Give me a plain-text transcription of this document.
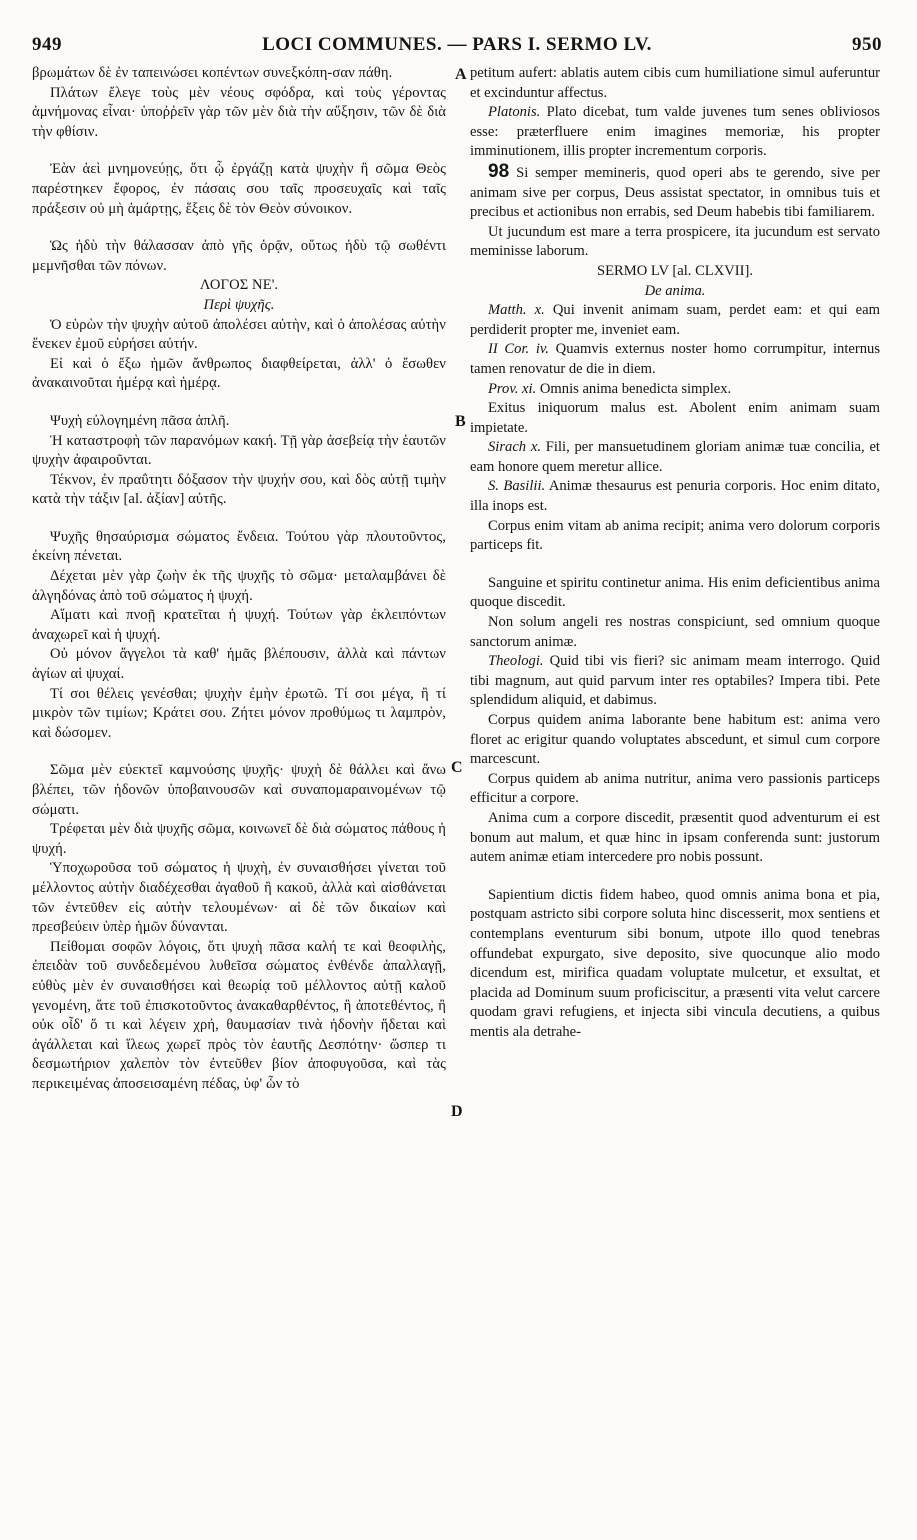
949	LOCI COMMUNES. — PARS I. SERMO LV.	950

βρωμάτων δὲ ἐν ταπεινώσει κοπέντων συνεξκόπη-σαν πάθη.

Πλάτων ἔλεγε τοὺς μὲν νέους σφόδρα, καὶ τοὺς γέροντας ἀμνήμονας εἶναι· ὑποῤῥεῖν γὰρ τῶν μὲν διὰ τὴν αὔξησιν, τῶν δὲ διὰ τὴν φθίσιν.

Ἐὰν ἀεὶ μνημονεύῃς, ὅτι ᾧ ἐργάζῃ κατὰ ψυχὴν ἢ σῶμα Θεὸς παρέστηκεν ἔφορος, ἐν πάσαις σου ταῖς προσευχαῖς καὶ ταῖς πράξεσιν οὐ μὴ ἁμάρτῃς, ἕξεις δὲ τὸν Θεὸν σύνοικον.

Ὡς ἡδὺ τὴν θάλασσαν ἀπὸ γῆς ὁρᾷν, οὕτως ἡδὺ τῷ σωθέντι μεμνῆσθαι τῶν πόνων.

ΛΟΓΟΣ ΝΕ'.

Περὶ ψυχῆς.

Ὁ εὑρὼν τὴν ψυχὴν αὐτοῦ ἀπολέσει αὐτὴν, καὶ ὁ ἀπολέσας αὐτὴν ἕνεκεν ἐμοῦ εὑρήσει αὐτήν.

Εἰ καὶ ὁ ἔξω ἡμῶν ἄνθρωπος διαφθείρεται, ἀλλ' ὁ ἔσωθεν ἀνακαινοῦται ἡμέρᾳ καὶ ἡμέρᾳ.

Ψυχὴ εὐλογημένη πᾶσα ἁπλῆ.

Ἡ καταστροφὴ τῶν παρανόμων κακή. Τῇ γὰρ ἀσεβείᾳ τὴν ἑαυτῶν ψυχὴν ἀφαιροῦνται.

Τέκνον, ἐν πραΰτητι δόξασον τὴν ψυχήν σου, καὶ δὸς αὐτῇ τιμὴν κατὰ τὴν τάξιν [al. ἀξίαν] αὐτῆς.

Ψυχῆς θησαύρισμα σώματος ἔνδεια. Τούτου γὰρ πλουτοῦντος, ἐκείνη πένεται.

Δέχεται μὲν γὰρ ζωὴν ἐκ τῆς ψυχῆς τὸ σῶμα· μεταλαμβάνει δὲ ἀλγηδόνας ἀπὸ τοῦ σώματος ἡ ψυχή.

Αἵματι καὶ πνοῇ κρατεῖται ἡ ψυχή. Τούτων γὰρ ἐκλειπόντων ἀναχωρεῖ καὶ ἡ ψυχή.

Οὐ μόνον ἄγγελοι τὰ καθ' ἡμᾶς βλέπουσιν, ἀλλὰ καὶ πάντων ἁγίων αἱ ψυχαί.

Τί σοι θέλεις γενέσθαι; ψυχὴν ἐμὴν ἐρωτῶ. Τί σοι μέγα, ἢ τί μικρὸν τῶν τιμίων; Κράτει σου. Ζήτει μόνον προθύμως τι λαμπρὸν, καὶ δώσομεν.

Σῶμα μὲν εὐεκτεῖ καμνούσης ψυχῆς· ψυχὴ δὲ θάλλει καὶ ἄνω βλέπει, τῶν ἡδονῶν ὑποβαινουσῶν καὶ συναπομαραινομένων τῷ σώματι.

Τρέφεται μὲν διὰ ψυχῆς σῶμα, κοινωνεῖ δὲ διὰ σώματος πάθους ἡ ψυχή.

Ὑποχωροῦσα τοῦ σώματος ἡ ψυχὴ, ἐν συναισθήσει γίνεται τοῦ μέλλοντος αὐτὴν διαδέχεσθαι ἀγαθοῦ ἢ κακοῦ, ἀλλὰ καὶ αἰσθάνεται τῶν ἐντεῦθεν εἰς αὐτὴν τελουμένων· αἱ δὲ τῶν δικαίων καὶ πρεσβεύειν ὑπὲρ ἡμῶν δύνανται.

Πείθομαι σοφῶν λόγοις, ὅτι ψυχὴ πᾶσα καλή τε καὶ θεοφιλὴς, ἐπειδὰν τοῦ συνδεδεμένου λυθεῖσα σώματος ἐνθένδε ἀπαλλαγῇ, εὐθὺς μὲν ἐν συναισθήσει καὶ θεωρίᾳ τοῦ μέλλοντος αὐτῇ καλοῦ γενομένη, ἅτε τοῦ ἐπισκοτοῦντος ἀνακαθαρθέντος, ἢ ἀποτεθέντος, ἢ οὐκ οἶδ' ὅ τι καὶ λέγειν χρή, θαυμασίαν τινὰ ἡδονὴν ἥδεται καὶ ἀγάλλεται καὶ ἵλεως χωρεῖ πρὸς τὸν ἑαυτῆς Δεσπότην· ὥσπερ τι δεσμωτήριον χαλεπὸν τὸν ἐντεῦθεν βίον ἀποφυγοῦσα, καὶ τὰς περικειμένας ἀποσεισαμένη πέδας, ὑφ' ὧν τὸ

petitum aufert: ablatis autem cibis cum humiliatione simul auferuntur et excinduntur affectus.

Platonis. Plato dicebat, tum valde juvenes tum senes obliviosos esse: præterfluere enim imagines memoriæ, his propter imminutionem, illis propter incrementum corporis.

98 Si semper memineris, quod operi abs te gerendo, sive per animam sive per corpus, Deus assistat spectator, in omnibus tuis et precibus et actionibus non errabis, sed Deum habebis tibi familiarem.

Ut jucundum est mare a terra prospicere, ita jucundum est servato meminisse laborum.

SERMO LV [al. CLXVII].

De anima.

Matth. x. Qui invenit animam suam, perdet eam: et qui eam perdiderit propter me, inveniet eam.

II Cor. iv. Quamvis externus noster homo corrumpitur, internus tamen renovatur de die in diem.

Prov. xi. Omnis anima benedicta simplex.

Exitus iniquorum malus est. Abolent enim animam suam impietate.

Sirach x. Fili, per mansuetudinem gloriam animæ tuæ concilia, et eam honore quem meretur allice.

S. Basilii. Animæ thesaurus est penuria corporis. Hoc enim ditato, illa inops est.

Corpus enim vitam ab anima recipit; anima vero dolorum corporis particeps fit.

Sanguine et spiritu continetur anima. His enim deficientibus anima quoque discedit.

Non solum angeli res nostras conspiciunt, sed omnium quoque sanctorum animæ.

Theologi. Quid tibi vis fieri? sic animam meam interrogo. Quid tibi magnum, aut quid parvum inter res optabiles? Impera tibi. Pete splendidum aliquid, et dabimus.

Corpus quidem anima laborante bene habitum est: anima vero floret ac erigitur quando voluptates abscedunt, et simul cum corpore marcescunt.

Corpus quidem ab anima nutritur, anima vero passionis particeps efficitur a corpore.

Anima cum a corpore discedit, præsentit quod adventurum ei est bonum aut malum, et quæ hinc in ipsam conferenda sunt: justorum autem animæ etiam intercedere pro nobis possunt.

Sapientium dictis fidem habeo, quod omnis anima bona et pia, postquam astricto sibi corpore soluta hinc discesserit, mox sentiens et contemplans eventurum sibi bonum, utpote illo quod tenebras offundebat expurgato, sive deposito, sive quocunque alio modo dicendum est, mirifica quadam voluptate mulcetur, et exsultat, et placida ad Dominum suum proficiscitur, a præsenti vita velut carcere quodam gravi refugiens, et injecta sibi vincula decutiens, a quibus mentis ala detrahe-

A
B
C
D
